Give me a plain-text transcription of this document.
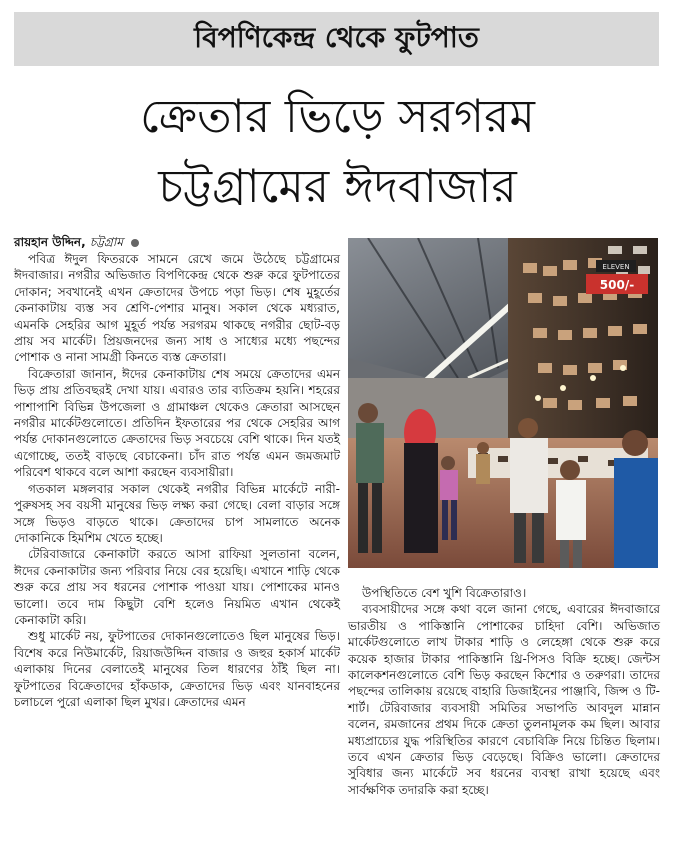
বিপণিকেন্দ্র থেকে ফুটপাত
ক্রেতার ভিড়ে সরগরম
চট্টগ্রামের ঈদবাজার
রায়হান উদ্দিন, চট্টগ্রাম

পবিত্র ঈদুল ফিতরকে সামনে রেখে জমে উঠেছে চট্টগ্রামের ঈদবাজার। নগরীর অভিজাত বিপণিকেন্দ্র থেকে শুরু করে ফুটপাতের দোকান; সবখানেই এখন ক্রেতাদের উপচে পড়া ভিড়। শেষ মুহূর্তের কেনাকাটায় ব্যস্ত সব শ্রেণি-পেশার মানুষ। সকাল থেকে মধ্যরাত, এমনকি সেহরির আগ মুহূর্ত পর্যন্ত সরগরম থাকছে নগরীর ছোট-বড় প্রায় সব মার্কেট। প্রিয়জনদের জন্য সাধ ও সাধ্যের মধ্যে পছন্দের পোশাক ও নানা সামগ্রী কিনতে ব্যস্ত ক্রেতারা।

বিক্রেতারা জানান, ঈদের কেনাকাটায় শেষ সময়ে ক্রেতাদের এমন ভিড় প্রায় প্রতিবছরই দেখা যায়। এবারও তার ব্যতিক্রম হয়নি। শহরের পাশাপাশি বিভিন্ন উপজেলা ও গ্রামাঞ্চল থেকেও ক্রেতারা আসছেন নগরীর মার্কেটগুলোতে। প্রতিদিন ইফতারের পর থেকে সেহরির আগ পর্যন্ত দোকানগুলোতে ক্রেতাদের ভিড় সবচেয়ে বেশি থাকে। দিন যতই এগোচ্ছে, ততই বাড়ছে বেচাকেনা। চাঁদ রাত পর্যন্ত এমন জমজমাট পরিবেশ থাকবে বলে আশা করছেন ব্যবসায়ীরা।

গতকাল মঙ্গলবার সকাল থেকেই নগরীর বিভিন্ন মার্কেটে নারী-পুরুষসহ সব বয়সী মানুষের ভিড় লক্ষ্য করা গেছে। বেলা বাড়ার সঙ্গে সঙ্গে ভিড়ও বাড়তে থাকে। ক্রেতাদের চাপ সামলাতে অনেক দোকানিকে হিমশিম খেতে হচ্ছে।

টেরিবাজারে কেনাকাটা করতে আসা রাফিয়া সুলতানা বলেন, ঈদের কেনাকাটার জন্য পরিবার নিয়ে বের হয়েছি। এখানে শাড়ি থেকে শুরু করে প্রায় সব ধরনের পোশাক পাওয়া যায়। পোশাকের মানও ভালো। তবে দাম কিছুটা বেশি হলেও নিয়মিত এখান থেকেই কেনাকাটা করি।

শুধু মার্কেট নয়, ফুটপাতের দোকানগুলোতেও ছিল মানুষের ভিড়। বিশেষ করে নিউমার্কেট, রিয়াজউদ্দিন বাজার ও জহুর হকার্স মার্কেট এলাকায় দিনের বেলাতেই মানুষের তিল ধারণের ঠাঁই ছিল না। ফুটপাতের বিক্রেতাদের হাঁকডাক, ক্রেতাদের ভিড় এবং যানবাহনের চলাচলে পুরো এলাকা ছিল মুখর। ক্রেতাদের এমন

500/-
ELEVEN

উপস্থিতিতে বেশ খুশি বিক্রেতারাও।

ব্যবসায়ীদের সঙ্গে কথা বলে জানা গেছে, এবারের ঈদবাজারে ভারতীয় ও পাকিস্তানি পোশাকের চাহিদা বেশি। অভিজাত মার্কেটগুলোতে লাখ টাকার শাড়ি ও লেহেঙ্গা থেকে শুরু করে কয়েক হাজার টাকার পাকিস্তানি থ্রি-পিসও বিক্রি হচ্ছে। জেন্টস কালেকশনগুলোতে বেশি ভিড় করছেন কিশোর ও তরুণরা। তাদের পছন্দের তালিকায় রয়েছে বাহারি ডিজাইনের পাঞ্জাবি, জিন্স ও টি-শার্ট। টেরিবাজার ব্যবসায়ী সমিতির সভাপতি আবদুল মান্নান বলেন, রমজানের প্রথম দিকে ক্রেতা তুলনামূলক কম ছিল। আবার মধ্যপ্রাচ্যের যুদ্ধ পরিস্থিতির কারণে বেচাবিক্রি নিয়ে চিন্তিত ছিলাম। তবে এখন ক্রেতার ভিড় বেড়েছে। বিক্রিও ভালো। ক্রেতাদের সুবিধার জন্য মার্কেটে সব ধরনের ব্যবস্থা রাখা হয়েছে এবং সার্বক্ষণিক তদারকি করা হচ্ছে।
